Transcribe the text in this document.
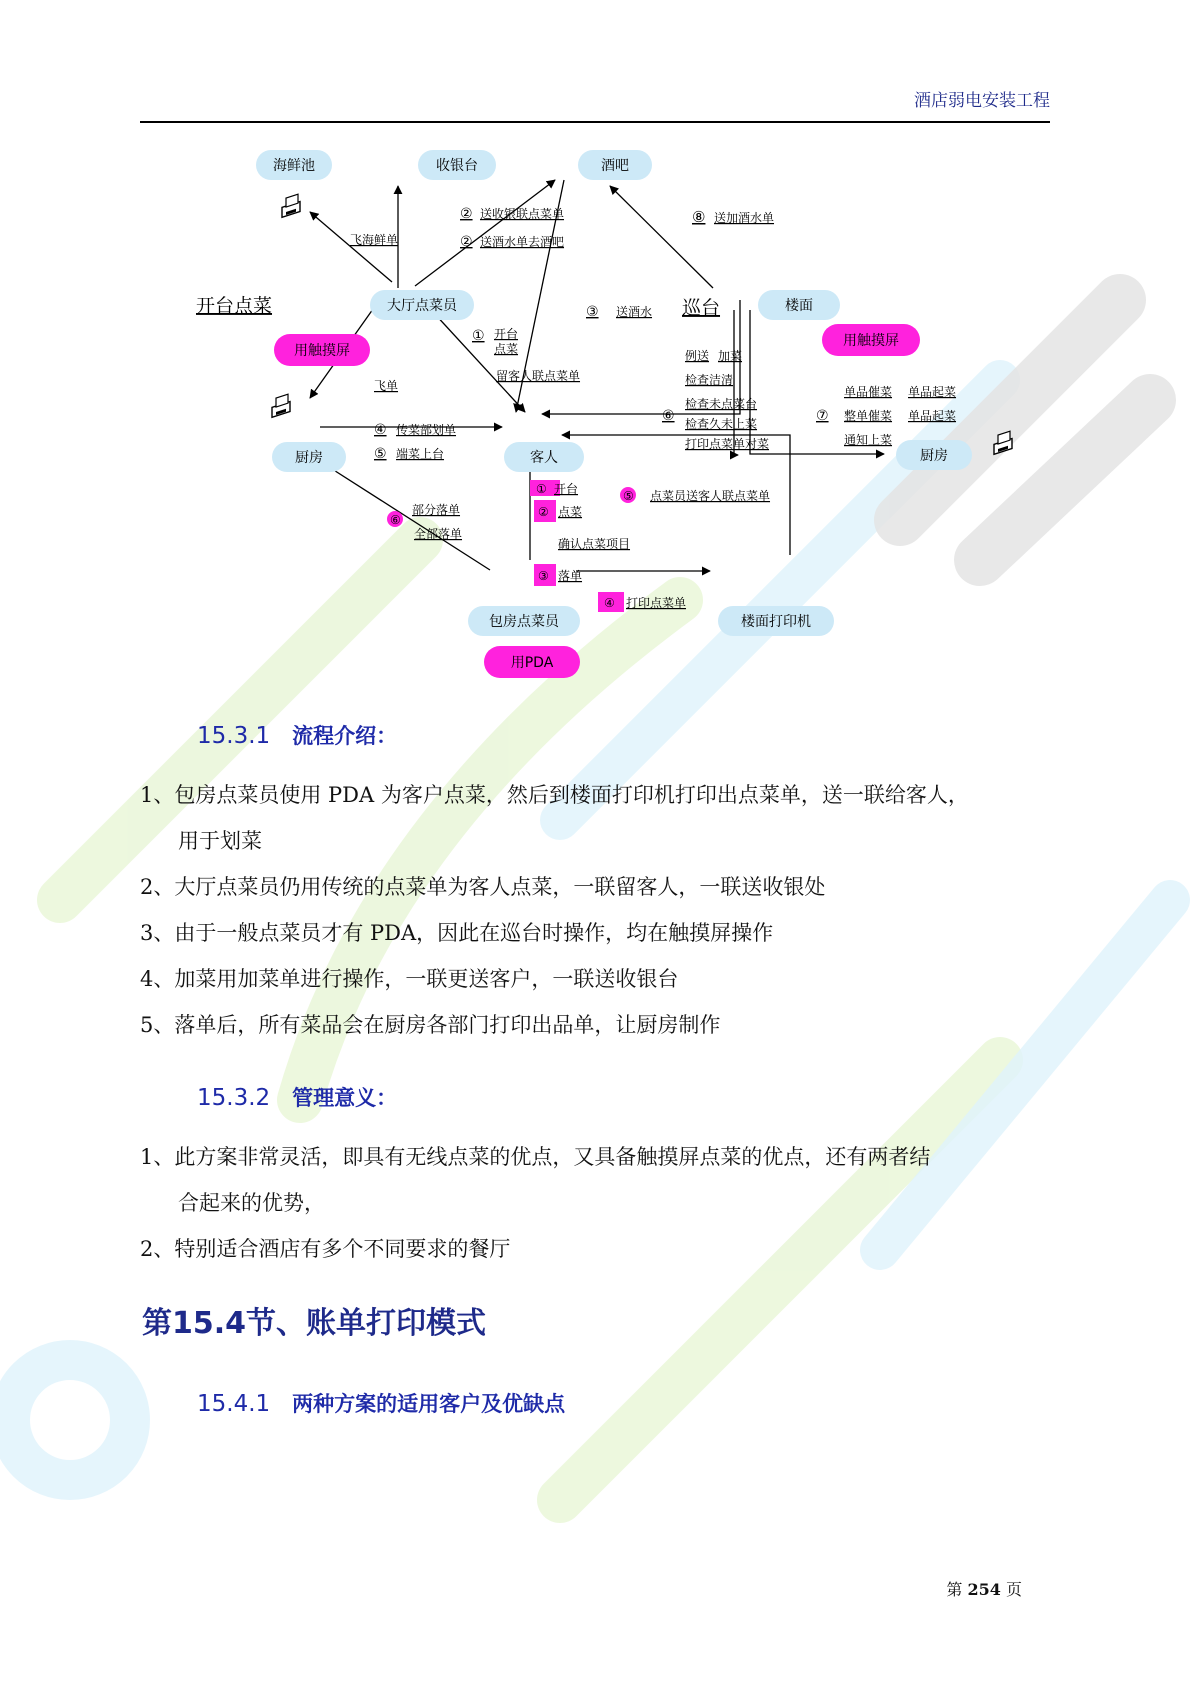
酒店弱电安装工程
海鲜池	收银台	酒吧
大厅点菜员	楼面
厨房	客人	厨房
包房点菜员	楼面打印机
用触摸屏
用触摸屏
用PDA
开台点菜	巡台
飞海鲜单
② 送收银联点菜单
② 送酒水单去酒吧
⑧ 送加酒水单
① 开台
点菜
留客人联点菜单
③ 送酒水
飞单
④ 传菜部划单
⑤ 端菜上台
例送 加菜
检查洁清
⑥
检查未点菜台
检查久未上菜
打印点菜单对菜
⑦
单品催菜 单品起菜
整单催菜 单品起菜
通知上菜
① 开台
② 点菜
确认点菜项目
③ 落单
④ 打印点菜单
⑤ 点菜员送客人联点菜单
⑥
部分落单
全部落单
15.3.1 流程介绍：
1、包房点菜员使用 PDA 为客户点菜，然后到楼面打印机打印出点菜单，送一联给客人，
用于划菜
2、大厅点菜员仍用传统的点菜单为客人点菜，一联留客人，一联送收银处
3、由于一般点菜员才有 PDA，因此在巡台时操作，均在触摸屏操作
4、加菜用加菜单进行操作，一联更送客户，一联送收银台
5、落单后，所有菜品会在厨房各部门打印出品单，让厨房制作
15.3.2 管理意义：
1、此方案非常灵活，即具有无线点菜的优点，又具备触摸屏点菜的优点，还有两者结
合起来的优势，
2、特别适合酒店有多个不同要求的餐厅
第15.4节、账单打印模式
15.4.1 两种方案的适用客户及优缺点
第 254 页
